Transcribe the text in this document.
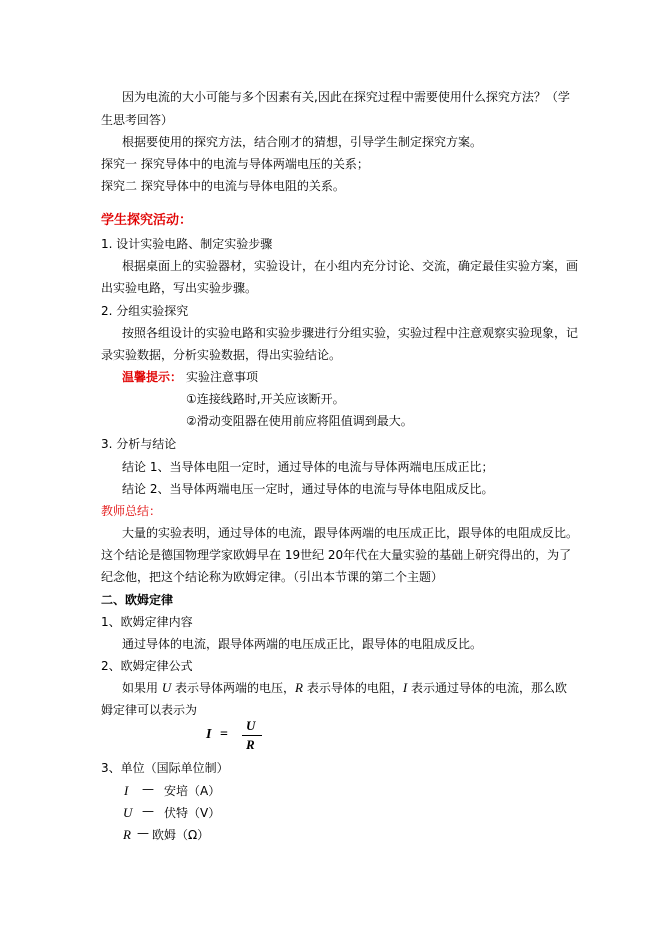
因为电流的大小可能与多个因素有关,因此在探究过程中需要使用什么探究方法？（学
生思考回答）
根据要使用的探究方法，结合刚才的猜想，引导学生制定探究方案。
探究一 探究导体中的电流与导体两端电压的关系；
探究二 探究导体中的电流与导体电阻的关系。
学生探究活动：
1. 设计实验电路、制定实验步骤
根据桌面上的实验器材，实验设计，在小组内充分讨论、交流，确定最佳实验方案，画
出实验电路，写出实验步骤。
2. 分组实验探究
按照各组设计的实验电路和实验步骤进行分组实验，实验过程中注意观察实验现象，记
录实验数据，分析实验数据，得出实验结论。
温馨提示： 实验注意事项
①连接线路时,开关应该断开。
②滑动变阻器在使用前应将阻值调到最大。
3. 分析与结论
结论 1、当导体电阻一定时，通过导体的电流与导体两端电压成正比；
结论 2、当导体两端电压一定时，通过导体的电流与导体电阻成反比。
教师总结：
大量的实验表明，通过导体的电流，跟导体两端的电压成正比，跟导体的电阻成反比。
这个结论是德国物理学家欧姆早在 19世纪 20年代在大量实验的基础上研究得出的，为了
纪念他，把这个结论称为欧姆定律。（引出本节课的第二个主题）
二、欧姆定律
1、欧姆定律内容
通过导体的电流，跟导体两端的电压成正比，跟导体的电阻成反比。
2、欧姆定律公式
如果用 U 表示导体两端的电压，R 表示导体的电阻，I 表示通过导体的电流，那么欧
姆定律可以表示为
I =
U
R
3、单位（国际单位制）
I — 安培（A）
U — 伏特（V）
R — 欧姆（Ω）
